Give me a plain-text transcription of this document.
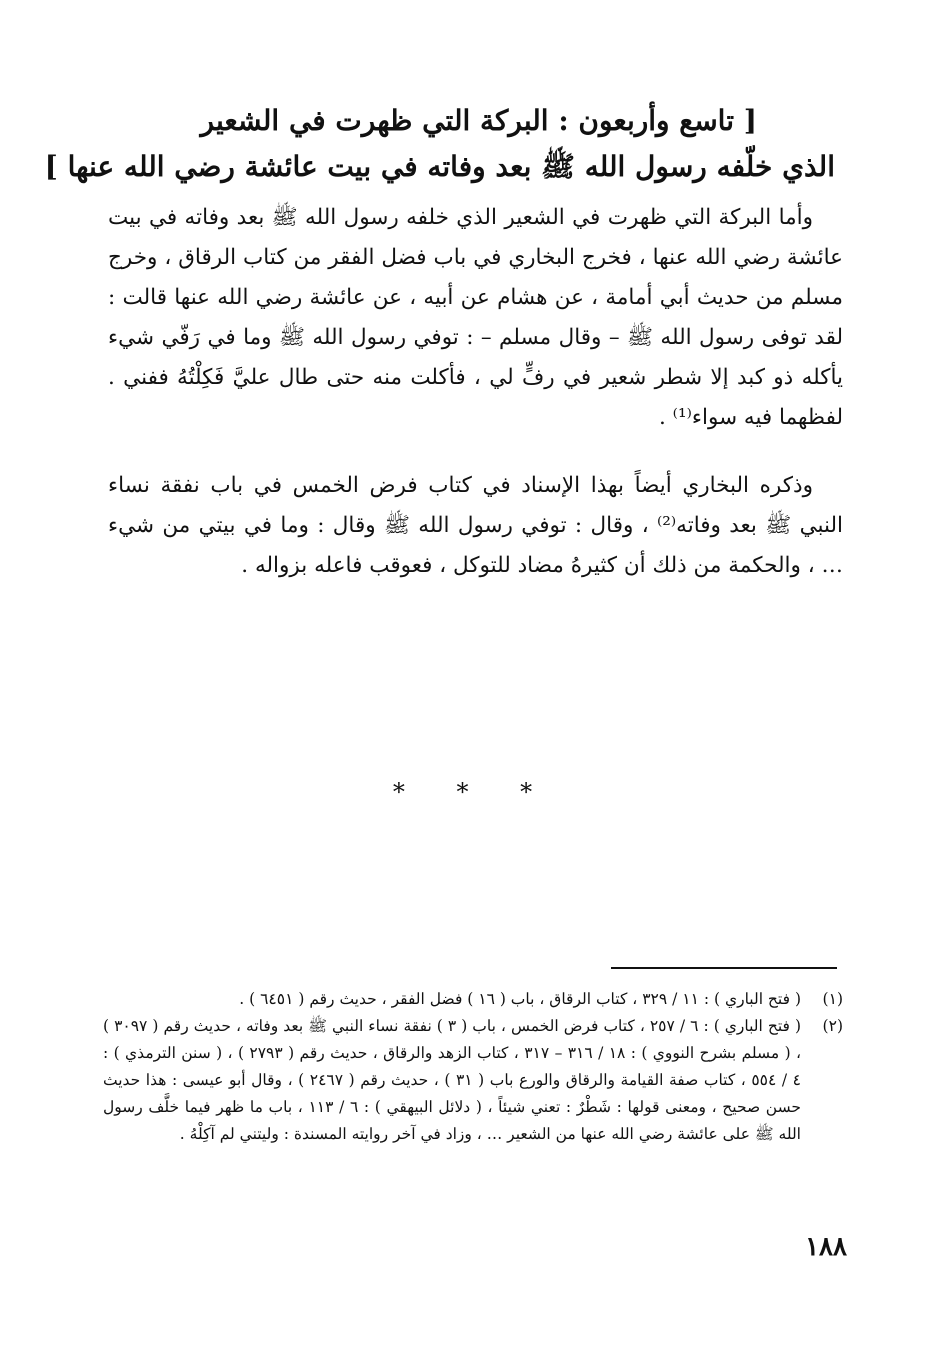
[ تاسع وأربعون : البركة التي ظهرت في الشعير
الذي خلّفه رسول الله ﷺ بعد وفاته في بيت عائشة رضي الله عنها ]

وأما البركة التي ظهرت في الشعير الذي خلفه رسول الله ﷺ بعد وفاته في بيت عائشة رضي الله عنها ، فخرج البخاري في باب فضل الفقر من كتاب الرقاق ، وخرج مسلم من حديث أبي أمامة ، عن هشام عن أبيه ، عن عائشة رضي الله عنها قالت : لقد توفى رسول الله ﷺ – وقال مسلم – : توفي رسول الله ﷺ وما في رَفّي شيء يأكله ذو كبد إلا شطر شعير في رفٍّ لي ، فأكلت منه حتى طال عليَّ فَكِلْتُهُ ففني . لفظهما فيه سواء⁽¹⁾ .

وذكره البخاري أيضاً بهذا الإسناد في كتاب فرض الخمس في باب نفقة نساء النبي ﷺ بعد وفاته⁽²⁾ ، وقال : توفي رسول الله ﷺ وقال : وما في بيتي من شيء … ، والحكمة من ذلك أن كثيرهُ مضاد للتوكل ، فعوقب فاعله بزواله .

* * *
(١)
( فتح الباري ) : ١١ / ٣٢٩ ، كتاب الرقاق ، باب ( ١٦ ) فضل الفقر ، حديث رقم ( ٦٤٥١ ) .
(٢)
( فتح الباري ) : ٦ / ٢٥٧ ، كتاب فرض الخمس ، باب ( ٣ ) نفقة نساء النبي ﷺ بعد وفاته ، حديث رقم ( ٣٠٩٧ ) ، ( مسلم بشرح النووي ) : ١٨ / ٣١٦ – ٣١٧ ، كتاب الزهد والرقاق ، حديث رقم ( ٢٧٩٣ ) ، ( سنن الترمذي ) : ٤ / ٥٥٤ ، كتاب صفة القيامة والرقاق والورع باب ( ٣١ ) ، حديث رقم ( ٢٤٦٧ ) ، وقال أبو عيسى : هذا حديث حسن صحيح ، ومعنى قولها : شَطْرٌ : تعني شيئاً ، ( دلائل البيهقي ) : ٦ / ١١٣ ، باب ما ظهر فيما خلَّف رسول الله ﷺ على عائشة رضي الله عنها من الشعير … ، وزاد في آخر روايته المسندة : وليتني لم آكِلْهُ .
١٨٨
